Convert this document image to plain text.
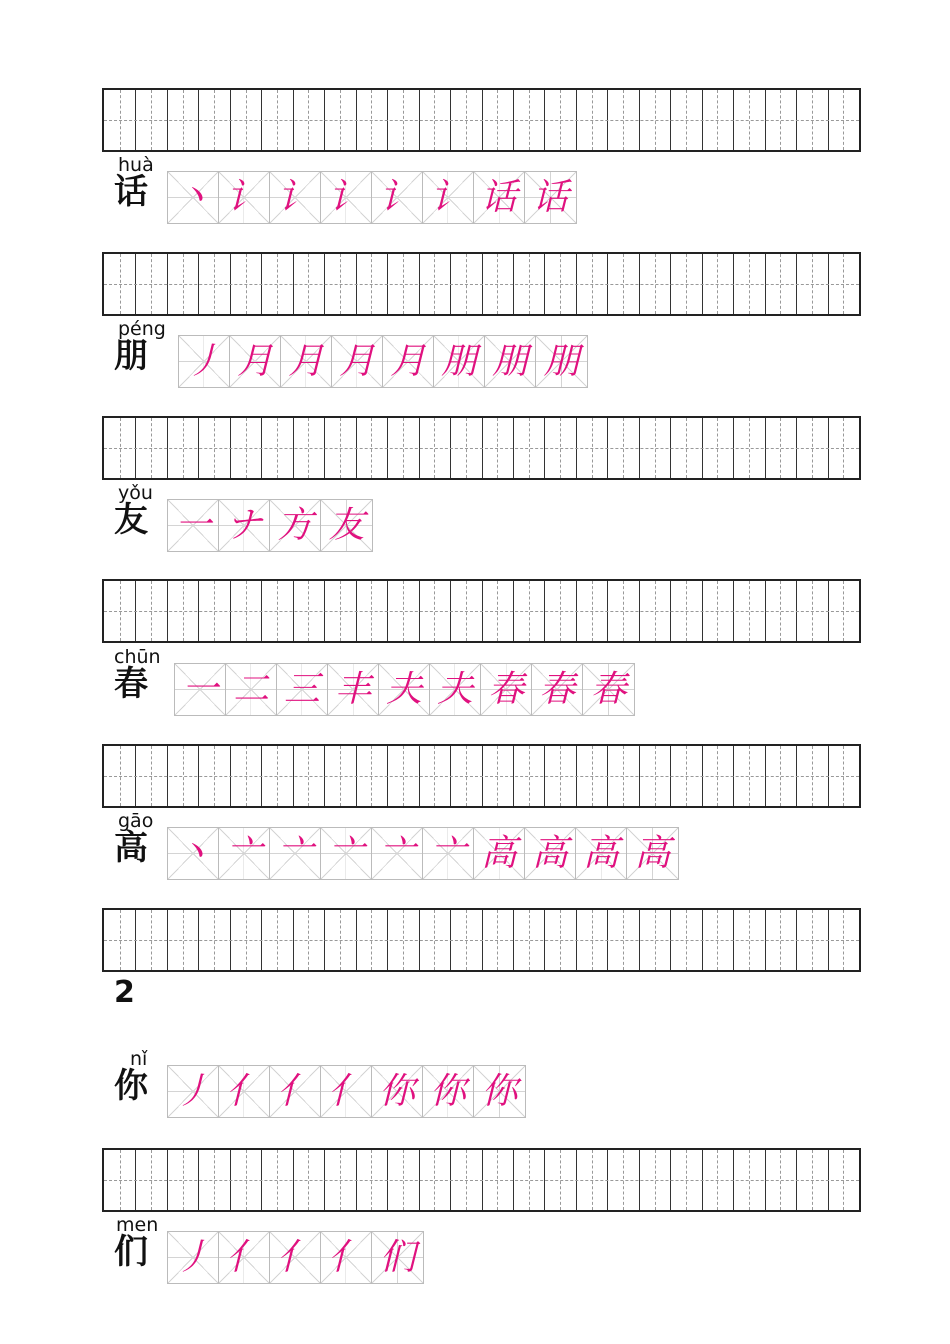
huà
话 丶 讠 讠 讠 讠 讠 话 话
péng
朋 丿 月 月 月 月 朋 朋 朋
yǒu
友 一 ナ 方 友
chūn
春 一 二 三 丰 夫 夫 春 春 春
gāo
高 丶 亠 亠 亠 亠 亠 高 高 高 高
2
nǐ
你 丿 亻 亻 亻 你 你 你
men
们 丿 亻 亻 亻 们
